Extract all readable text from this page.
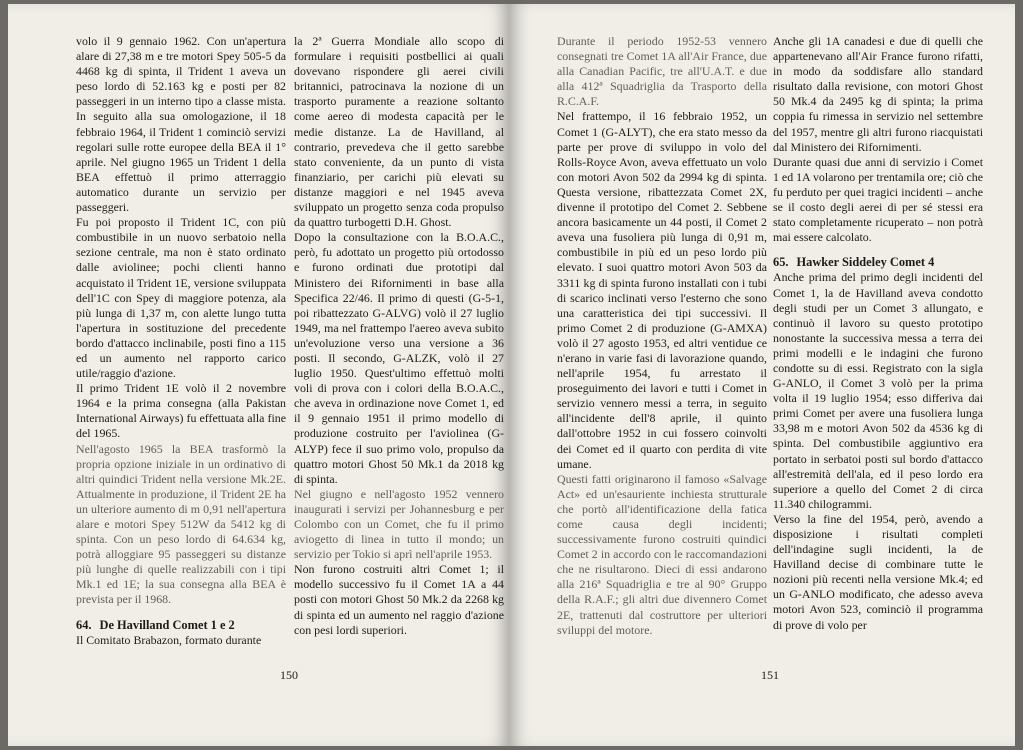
volo il 9 gennaio 1962. Con un'apertura alare di 27,38 m e tre motori Spey 505-5 da 4468 kg di spinta, il Trident 1 aveva un peso lordo di 52.163 kg e posti per 82 passeggeri in un interno tipo a classe mista. In seguito alla sua omologazione, il 18 febbraio 1964, il Trident 1 cominciò servizi regolari sulle rotte europee della BEA il 1° aprile. Nel giugno 1965 un Trident 1 della BEA effettuò il primo atterraggio automatico durante un servizio per passeggeri.

Fu poi proposto il Trident 1C, con più combustibile in un nuovo serbatoio nella sezione centrale, ma non è stato ordinato dalle aviolinee; pochi clienti hanno acquistato il Trident 1E, versione sviluppata dell'1C con Spey di maggiore potenza, ala più lunga di 1,37 m, con alette lungo tutta l'apertura in sostituzione del precedente bordo d'attacco inclinabile, posti fino a 115 ed un aumento nel rapporto carico utile/raggio d'azione.

Il primo Trident 1E volò il 2 novembre 1964 e la prima consegna (alla Pakistan International Airways) fu effettuata alla fine del 1965.

Nell'agosto 1965 la BEA trasformò la propria opzione iniziale in un ordinativo di altri quindici Trident nella versione Mk.2E. Attualmente in produzione, il Trident 2E ha un ulteriore aumento di m 0,91 nell'apertura alare e motori Spey 512W da 5412 kg di spinta. Con un peso lordo di 64.634 kg, potrà alloggiare 95 passeggeri su distanze più lunghe di quelle realizzabili con i tipi Mk.1 ed 1E; la sua consegna alla BEA è prevista per il 1968.

64. De Havilland Comet 1 e 2

Il Comitato Brabazon, formato durante

la 2ª Guerra Mondiale allo scopo di formulare i requisiti postbellici ai quali dovevano rispondere gli aerei civili britannici, patrocinava la nozione di un trasporto puramente a reazione soltanto come aereo di modesta capacità per le medie distanze. La de Havilland, al contrario, prevedeva che il getto sarebbe stato conveniente, da un punto di vista finanziario, per carichi più elevati su distanze maggiori e nel 1945 aveva sviluppato un progetto senza coda propulso da quattro turbogetti D.H. Ghost.

Dopo la consultazione con la B.O.A.C., però, fu adottato un progetto più ortodosso e furono ordinati due prototipi dal Ministero dei Rifornimenti in base alla Specifica 22/46. Il primo di questi (G-5-1, poi ribattezzato G-ALVG) volò il 27 luglio 1949, ma nel frattempo l'aereo aveva subito un'evoluzione verso una versione a 36 posti. Il secondo, G-ALZK, volò il 27 luglio 1950. Quest'ultimo effettuò molti voli di prova con i colori della B.O.A.C., che aveva in ordinazione nove Comet 1, ed il 9 gennaio 1951 il primo modello di produzione costruito per l'aviolinea (G-ALYP) fece il suo primo volo, propulso da quattro motori Ghost 50 Mk.1 da 2018 kg di spinta.

Nel giugno e nell'agosto 1952 vennero inaugurati i servizi per Johannesburg e per Colombo con un Comet, che fu il primo aviogetto di linea in tutto il mondo; un servizio per Tokio si aprì nell'aprile 1953.

Non furono costruiti altri Comet 1; il modello successivo fu il Comet 1A a 44 posti con motori Ghost 50 Mk.2 da 2268 kg di spinta ed un aumento nel raggio d'azione con pesi lordi superiori.

150

Durante il periodo 1952-53 vennero consegnati tre Comet 1A all'Air France, due alla Canadian Pacific, tre all'U.A.T. e due alla 412ª Squadriglia da Trasporto della R.C.A.F.

Nel frattempo, il 16 febbraio 1952, un Comet 1 (G-ALYT), che era stato messo da parte per prove di sviluppo in volo del Rolls-Royce Avon, aveva effettuato un volo con motori Avon 502 da 2994 kg di spinta. Questa versione, ribattezzata Comet 2X, divenne il prototipo del Comet 2. Sebbene ancora basicamente un 44 posti, il Comet 2 aveva una fusoliera più lunga di 0,91 m, combustibile in più ed un peso lordo più elevato. I suoi quattro motori Avon 503 da 3311 kg di spinta furono installati con i tubi di scarico inclinati verso l'esterno che sono una caratteristica dei tipi successivi. Il primo Comet 2 di produzione (G-AMXA) volò il 27 agosto 1953, ed altri ventidue ce n'erano in varie fasi di lavorazione quando, nell'aprile 1954, fu arrestato il proseguimento dei lavori e tutti i Comet in servizio vennero messi a terra, in seguito all'incidente dell'8 aprile, il quinto dall'ottobre 1952 in cui fossero coinvolti dei Comet ed il quarto con perdita di vite umane.

Questi fatti originarono il famoso «Salvage Act» ed un'esauriente inchiesta strutturale che portò all'identificazione della fatica come causa degli incidenti; successivamente furono costruiti quindici Comet 2 in accordo con le raccomandazioni che ne risultarono. Dieci di essi andarono alla 216ª Squadriglia e tre al 90° Gruppo della R.A.F.; gli altri due divennero Comet 2E, trattenuti dal costruttore per ulteriori sviluppi del motore.

Anche gli 1A canadesi e due di quelli che appartenevano all'Air France furono rifatti, in modo da soddisfare allo standard risultato dalla revisione, con motori Ghost 50 Mk.4 da 2495 kg di spinta; la prima coppia fu rimessa in servizio nel settembre del 1957, mentre gli altri furono riacquistati dal Ministero dei Rifornimenti.

Durante quasi due anni di servizio i Comet 1 ed 1A volarono per trentamila ore; ciò che fu perduto per quei tragici incidenti – anche se il costo degli aerei di per sé stessi era stato completamente ricuperato – non potrà mai essere calcolato.

65. Hawker Siddeley Comet 4

Anche prima del primo degli incidenti del Comet 1, la de Havilland aveva condotto degli studi per un Comet 3 allungato, e continuò il lavoro su questo prototipo nonostante la successiva messa a terra dei primi modelli e le indagini che furono condotte su di essi. Registrato con la sigla G-ANLO, il Comet 3 volò per la prima volta il 19 luglio 1954; esso differiva dai primi Comet per avere una fusoliera lunga 33,98 m e motori Avon 502 da 4536 kg di spinta. Del combustibile aggiuntivo era portato in serbatoi posti sul bordo d'attacco all'estremità dell'ala, ed il peso lordo era superiore a quello del Comet 2 di circa 11.340 chilogrammi.

Verso la fine del 1954, però, avendo a disposizione i risultati completi dell'indagine sugli incidenti, la de Havilland decise di combinare tutte le nozioni più recenti nella versione Mk.4; ed un G-ANLO modificato, che adesso aveva motori Avon 523, cominciò il programma di prove di volo per

151
